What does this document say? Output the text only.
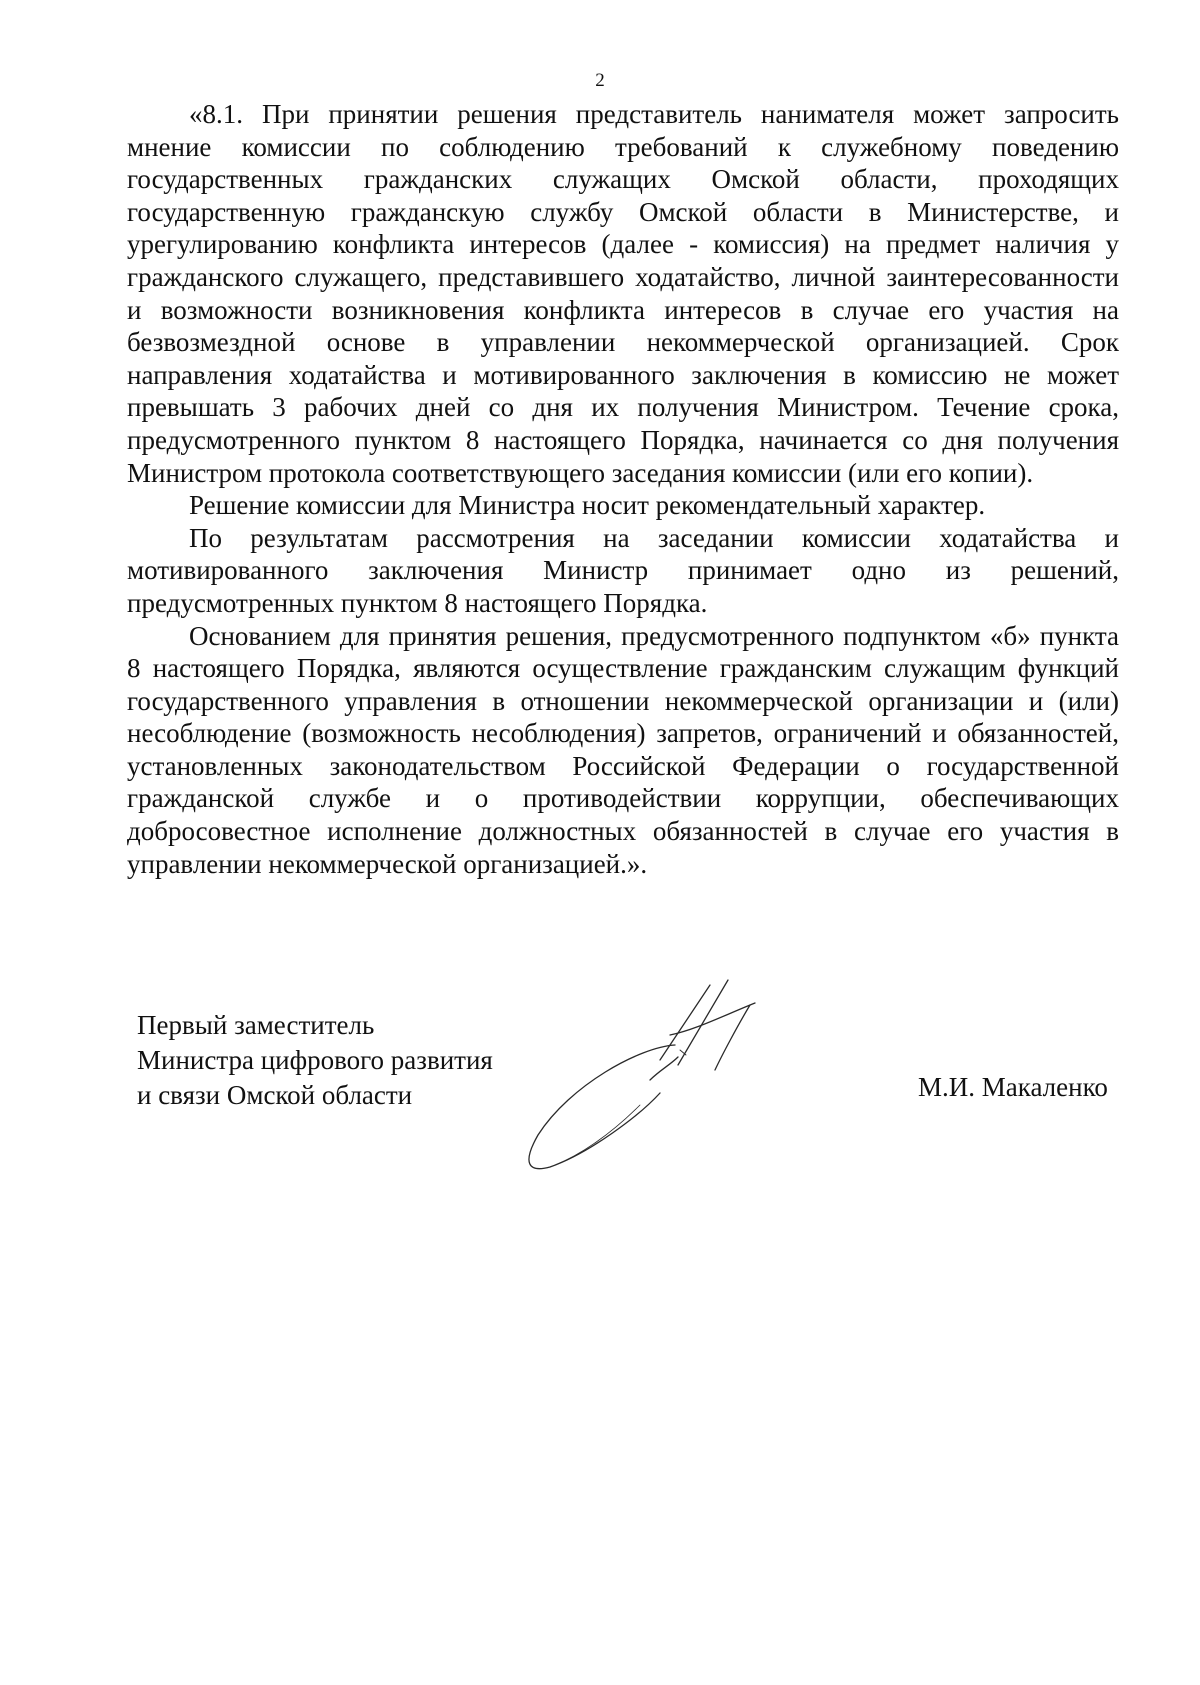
2

«8.1. При принятии решения представитель нанимателя может запросить мнение комиссии по соблюдению требований к служебному поведению государственных гражданских служащих Омской области, проходящих государственную гражданскую службу Омской области в Министерстве, и урегулированию конфликта интересов (далее - комиссия) на предмет наличия у гражданского служащего, представившего ходатайство, личной заинтересованности и возможности возникновения конфликта интересов в случае его участия на безвозмездной основе в управлении некоммерческой организацией. Срок направления ходатайства и мотивированного заключения в комиссию не может превышать 3 рабочих дней со дня их получения Министром. Течение срока, предусмотренного пунктом 8 настоящего Порядка, начинается со дня получения Министром протокола соответствующего заседания комиссии (или его копии).

Решение комиссии для Министра носит рекомендательный характер.

По результатам рассмотрения на заседании комиссии ходатайства и мотивированного заключения Министр принимает одно из решений, предусмотренных пунктом 8 настоящего Порядка.

Основанием для принятия решения, предусмотренного подпунктом «б» пункта 8 настоящего Порядка, являются осуществление гражданским служащим функций государственного управления в отношении некоммерческой организации и (или) несоблюдение (возможность несоблюдения) запретов, ограничений и обязанностей, установленных законодательством Российской Федерации о государственной гражданской службе и о противодействии коррупции, обеспечивающих добросовестное исполнение должностных обязанностей в случае его участия в управлении некоммерческой организацией.».

Первый заместитель
Министра цифрового развития
и связи Омской области	М.И. Макаленко
